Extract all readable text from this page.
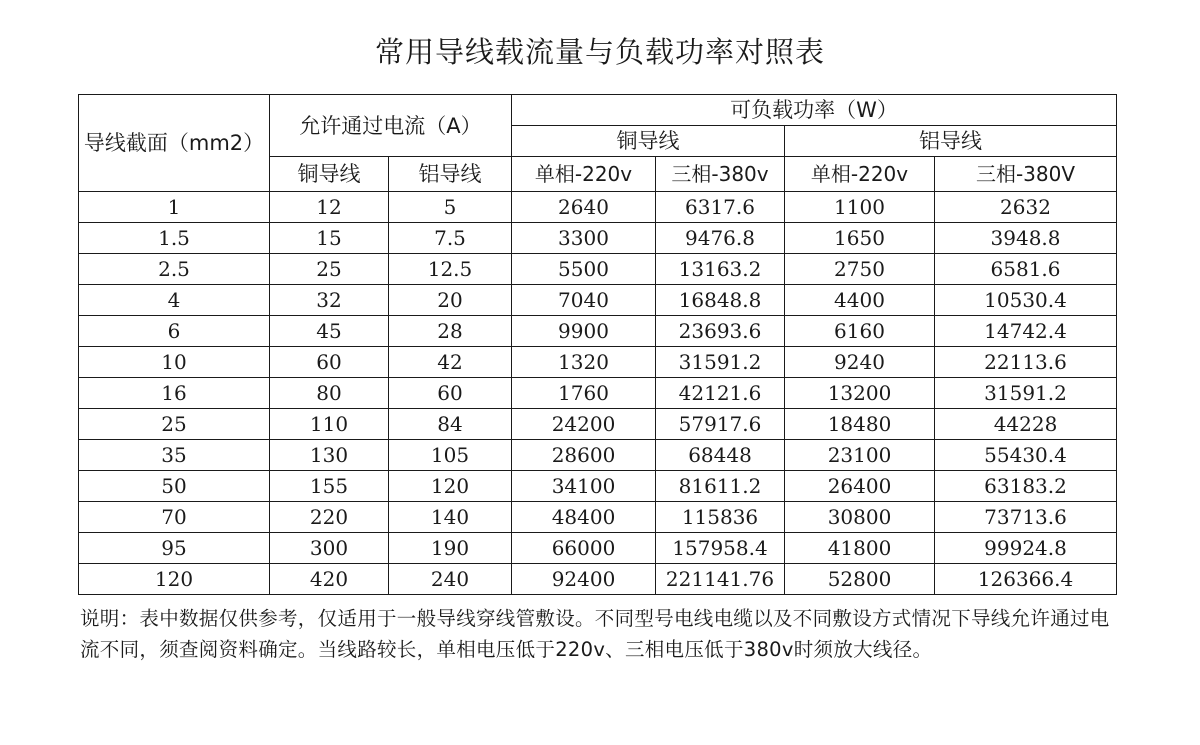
常用导线载流量与负载功率对照表
导线截面（mm2）	允许通过电流（A）		可负载功率（W）			
			铜导线		铝导线	
	铜导线	铝导线	单相-220v	三相-380v	单相-220v	三相-380V
1	12	5	2640	6317.6	1100	2632
1.5	15	7.5	3300	9476.8	1650	3948.8
2.5	25	12.5	5500	13163.2	2750	6581.6
4	32	20	7040	16848.8	4400	10530.4
6	45	28	9900	23693.6	6160	14742.4
10	60	42	1320	31591.2	9240	22113.6
16	80	60	1760	42121.6	13200	31591.2
25	110	84	24200	57917.6	18480	44228
35	130	105	28600	68448	23100	55430.4
50	155	120	34100	81611.2	26400	63183.2
70	220	140	48400	115836	30800	73713.6
95	300	190	66000	157958.4	41800	99924.8
120	420	240	92400	221141.76	52800	126366.4
说明：表中数据仅供参考，仅适用于一般导线穿线管敷设。不同型号电线电缆以及不同敷设方式情况下导线允许通过电流不同，须查阅资料确定。当线路较长，单相电压低于220v、三相电压低于380v时须放大线径。
